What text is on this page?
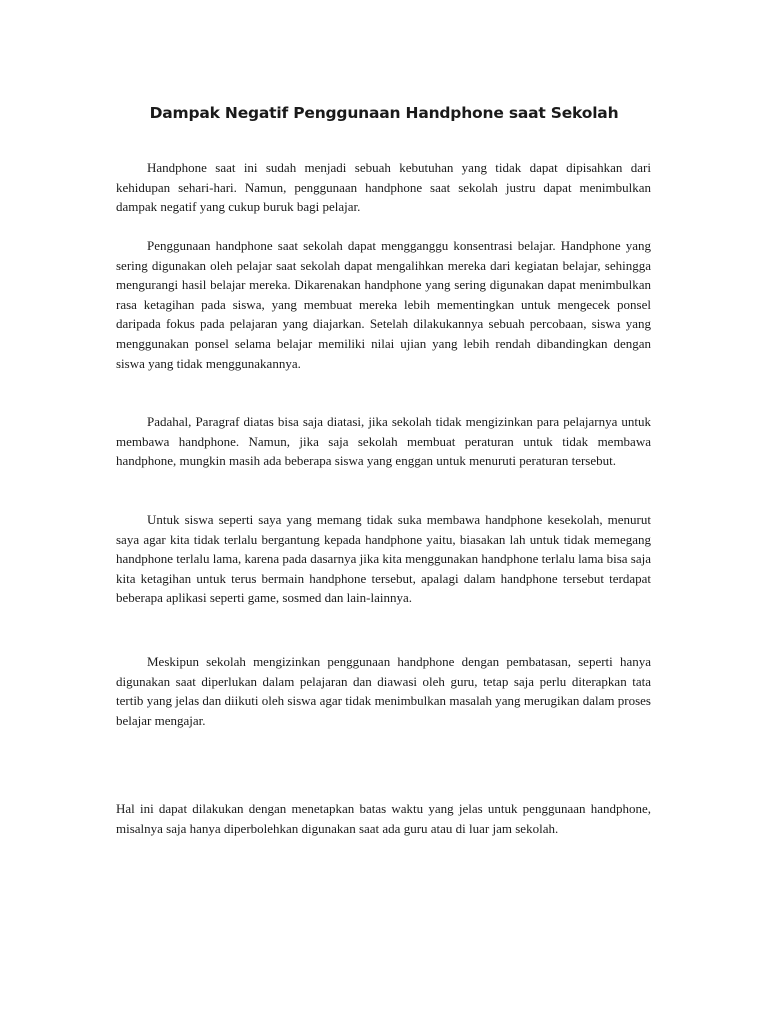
Dampak Negatif Penggunaan Handphone saat Sekolah

Handphone saat ini sudah menjadi sebuah kebutuhan yang tidak dapat dipisahkan dari kehidupan sehari-hari. Namun, penggunaan handphone saat sekolah justru dapat menimbulkan dampak negatif yang cukup buruk bagi pelajar.

Penggunaan handphone saat sekolah dapat mengganggu konsentrasi belajar. Handphone yang sering digunakan oleh pelajar saat sekolah dapat mengalihkan mereka dari kegiatan belajar, sehingga mengurangi hasil belajar mereka. Dikarenakan handphone yang sering digunakan dapat menimbulkan rasa ketagihan pada siswa, yang membuat mereka lebih mementingkan untuk mengecek ponsel daripada fokus pada pelajaran yang diajarkan. Setelah dilakukannya sebuah percobaan, siswa yang menggunakan ponsel selama belajar memiliki nilai ujian yang lebih rendah dibandingkan dengan siswa yang tidak menggunakannya.

Padahal, Paragraf diatas bisa saja diatasi, jika sekolah tidak mengizinkan para pelajarnya untuk membawa handphone. Namun, jika saja sekolah membuat peraturan untuk tidak membawa handphone, mungkin masih ada beberapa siswa yang enggan untuk menuruti peraturan tersebut.

Untuk siswa seperti saya yang memang tidak suka membawa handphone kesekolah, menurut saya agar kita tidak terlalu bergantung kepada handphone yaitu, biasakan lah untuk tidak memegang handphone terlalu lama, karena pada dasarnya jika kita menggunakan handphone terlalu lama bisa saja kita ketagihan untuk terus bermain handphone tersebut, apalagi dalam handphone tersebut terdapat beberapa aplikasi seperti game, sosmed dan lain-lainnya.

Meskipun sekolah mengizinkan penggunaan handphone dengan pembatasan, seperti hanya digunakan saat diperlukan dalam pelajaran dan diawasi oleh guru, tetap saja perlu diterapkan tata tertib yang jelas dan diikuti oleh siswa agar tidak menimbulkan masalah yang merugikan dalam proses belajar mengajar.

Hal ini dapat dilakukan dengan menetapkan batas waktu yang jelas untuk penggunaan handphone, misalnya saja hanya diperbolehkan digunakan saat ada guru atau di luar jam sekolah.
